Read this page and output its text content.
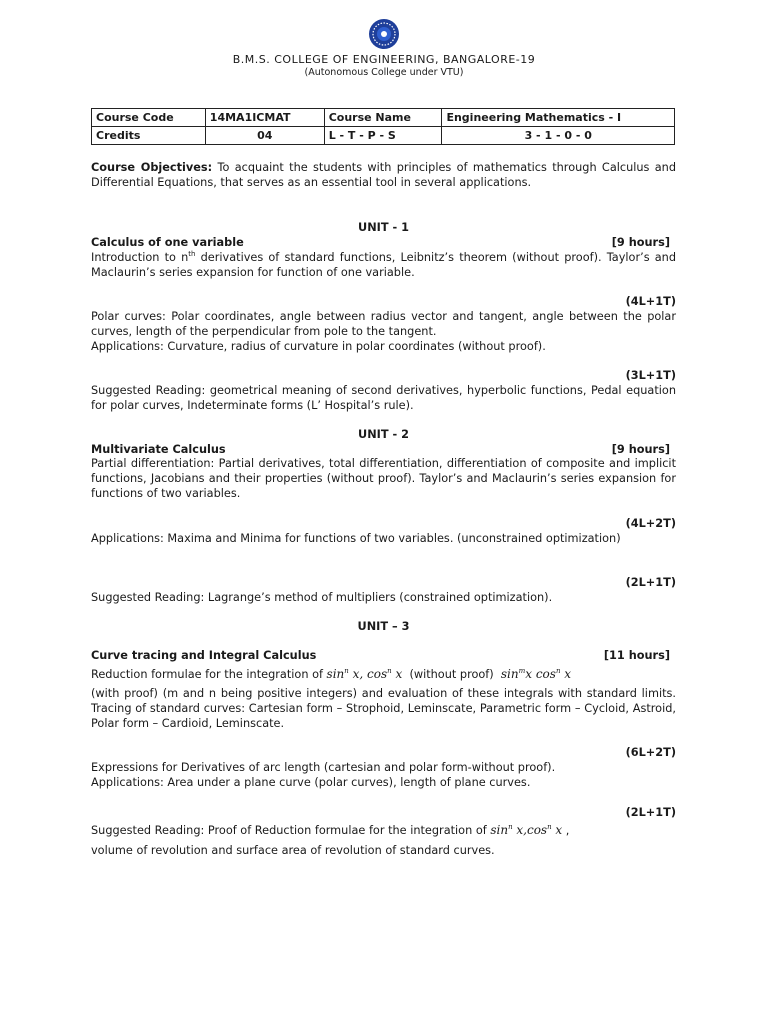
B.M.S. COLLEGE OF ENGINEERING, BANGALORE-19
(Autonomous College under VTU)
Course Code	14MA1ICMAT	Course Name	Engineering Mathematics - I
Credits	04	L - T - P - S	3 - 1 - 0 - 0
Course Objectives: To acquaint the students with principles of mathematics through Calculus and Differential Equations, that serves as an essential tool in several applications.
UNIT - 1
Calculus of one variable	[9 hours]
Introduction to $n^{th}$ derivatives of standard functions, Leibnitz’s theorem (without proof). Taylor’s and Maclaurin’s series expansion for function of one variable.
(4L+1T)
Polar curves: Polar coordinates, angle between radius vector and tangent, angle between the polar curves, length of the perpendicular from pole to the tangent.
Applications: Curvature, radius of curvature in polar coordinates (without proof).
(3L+1T)
Suggested Reading: geometrical meaning of second derivatives, hyperbolic functions, Pedal equation for polar curves, Indeterminate forms (L’ Hospital’s rule).
UNIT - 2
Multivariate Calculus	[9 hours]
Partial differentiation: Partial derivatives, total differentiation, differentiation of composite and implicit functions, Jacobians and their properties (without proof). Taylor’s and Maclaurin’s series expansion for functions of two variables.
(4L+2T)
Applications: Maxima and Minima for functions of two variables. (unconstrained optimization)
(2L+1T)
Suggested Reading: Lagrange’s method of multipliers (constrained optimization).
UNIT – 3
Curve tracing and Integral Calculus	[11 hours]
Reduction formulae for the integration of $\sin^n x$, $\cos^n x$ (without proof) $\sin^mx$ $\cos^n x$
(with proof) (m and n being positive integers) and evaluation of these integrals with standard limits. Tracing of standard curves: Cartesian form – Strophoid, Leminscate, Parametric form – Cycloid, Astroid, Polar form – Cardioid, Leminscate.
(6L+2T)
Expressions for Derivatives of arc length (cartesian and polar form-without proof).
Applications: Area under a plane curve (polar curves), length of plane curves.
(2L+1T)
Suggested Reading: Proof of Reduction formulae for the integration of $\sin^n x,\cos^n$ x ,
volume of revolution and surface area of revolution of standard curves.
